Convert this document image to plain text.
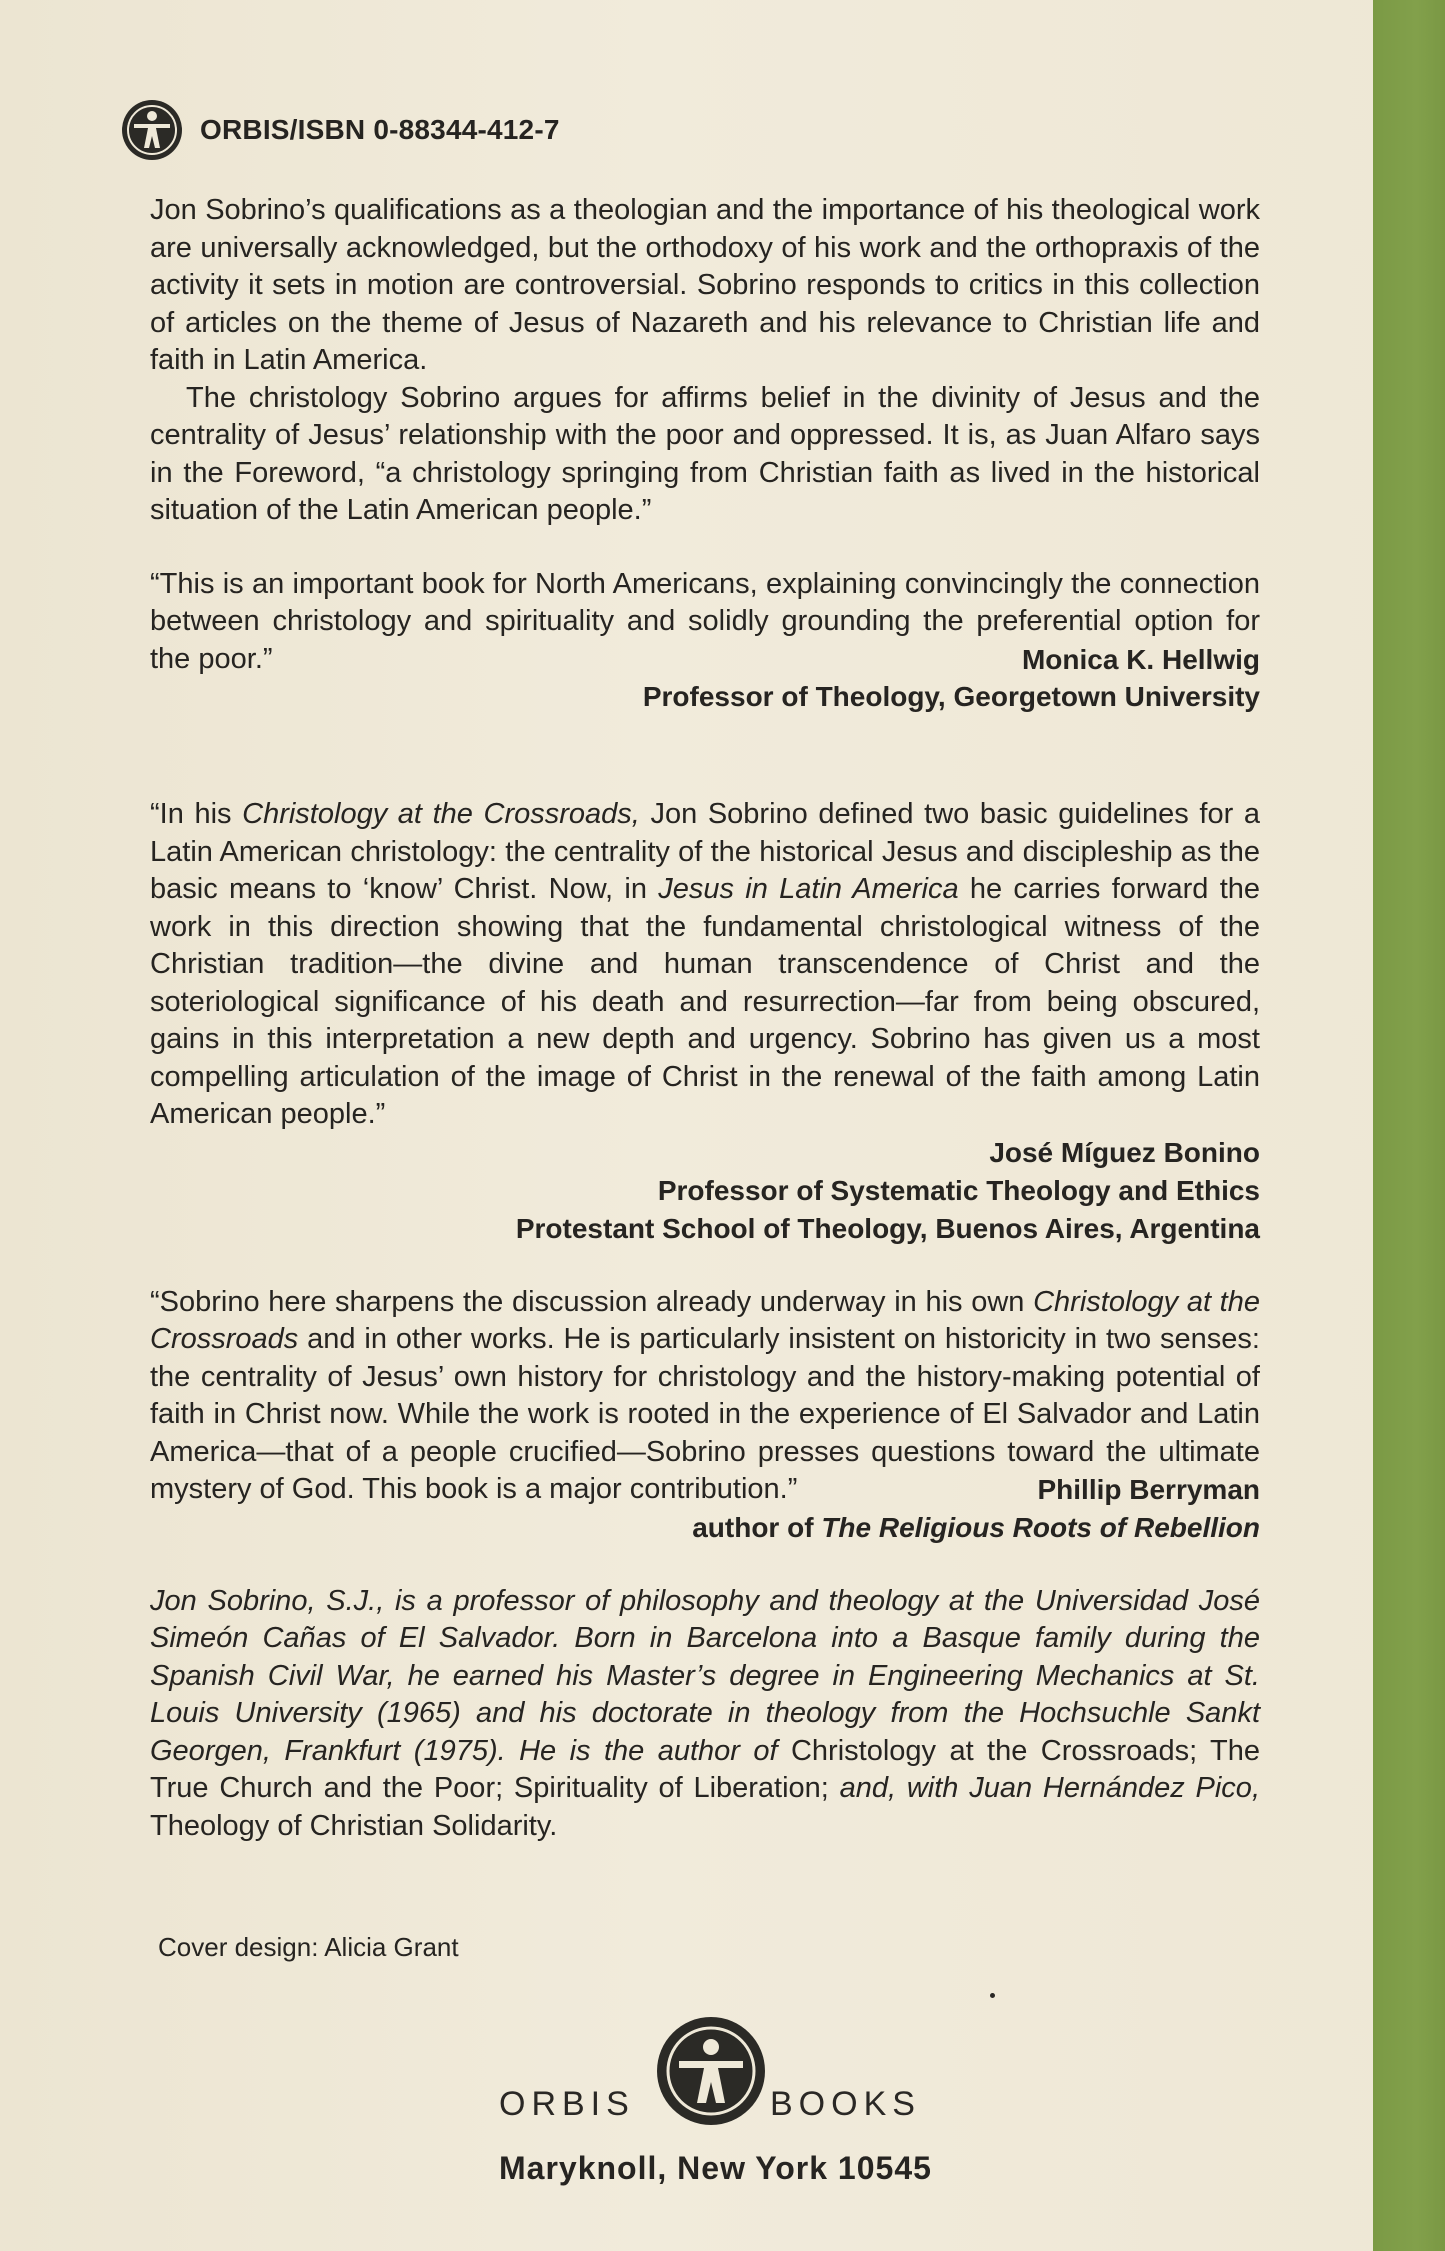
ORBIS/ISBN 0-88344-412-7

Jon Sobrino’s qualifications as a theologian and the importance of his theological work are universally acknowledged, but the orthodoxy of his work and the orthopraxis of the activity it sets in motion are controversial. Sobrino responds to critics in this collection of articles on the theme of Jesus of Nazareth and his relevance to Christian life and faith in Latin America.

The christology Sobrino argues for affirms belief in the divinity of Jesus and the centrality of Jesus’ relationship with the poor and oppressed. It is, as Juan Alfaro says in the Foreword, “a christology springing from Christian faith as lived in the historical situation of the Latin American people.”

“This is an important book for North Americans, explaining convincingly the connection between christology and spirituality and solidly grounding the preferential option for the poor.”	Monica K. Hellwig

Professor of Theology, Georgetown University

“In his Christology at the Crossroads, Jon Sobrino defined two basic guidelines for a Latin American christology: the centrality of the historical Jesus and discipleship as the basic means to ‘know’ Christ. Now, in Jesus in Latin America he carries forward the work in this direction showing that the fundamental christological witness of the Christian tradition—the divine and human transcendence of Christ and the soteriological significance of his death and resurrection—far from being obscured, gains in this interpretation a new depth and urgency. Sobrino has given us a most compelling articulation of the image of Christ in the renewal of the faith among Latin American people.”

José Míguez Bonino
Professor of Systematic Theology and Ethics
Protestant School of Theology, Buenos Aires, Argentina

“Sobrino here sharpens the discussion already underway in his own Christology at the Crossroads and in other works. He is particularly insistent on historicity in two senses: the centrality of Jesus’ own history for christology and the history-making potential of faith in Christ now. While the work is rooted in the experience of El Salvador and Latin America—that of a people crucified—Sobrino presses questions toward the ultimate mystery of God. This book is a major contribution.”	Phillip Berryman

author of The Religious Roots of Rebellion

Jon Sobrino, S.J., is a professor of philosophy and theology at the Universidad José Simeón Cañas of El Salvador. Born in Barcelona into a Basque family during the Spanish Civil War, he earned his Master’s degree in Engineering Mechanics at St. Louis University (1965) and his doctorate in theology from the Hochsuchle Sankt Georgen, Frankfurt (1975). He is the author of Christology at the Crossroads; The True Church and the Poor; Spirituality of Liberation; and, with Juan Hernández Pico, Theology of Christian Solidarity.

Cover design: Alicia Grant
ORBIS	BOOKS
Maryknoll, New York 10545
